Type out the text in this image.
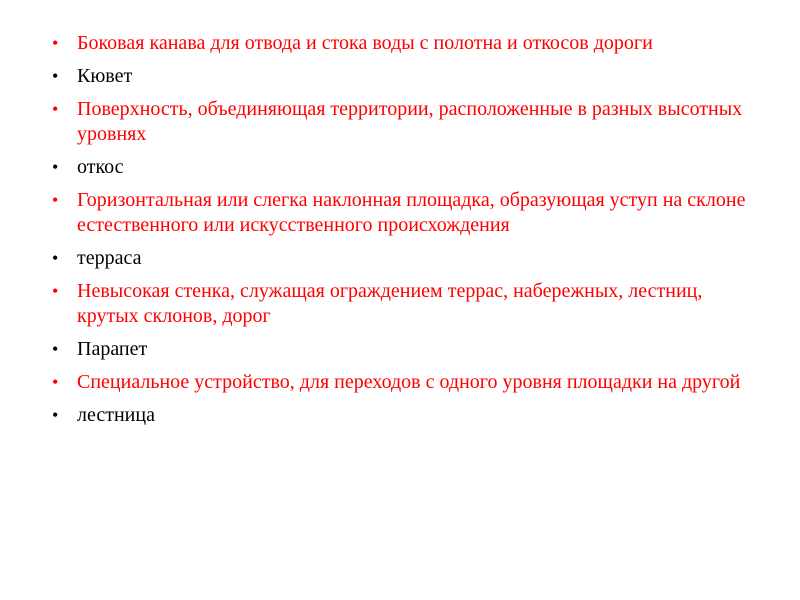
• Боковая канава для отвода и стока воды с полотна и откосов дороги
• Кювет
• Поверхность, объединяющая территории, расположенные в разных высотных уровнях
• откос
• Горизонтальная или слегка наклонная площадка, образующая уступ на склоне естественного или искусственного происхождения
• терраса
• Невысокая стенка, служащая ограждением террас, набережных, лестниц, крутых склонов, дорог
• Парапет
• Специальное устройство, для переходов с одного уровня площадки на другой
• лестница
